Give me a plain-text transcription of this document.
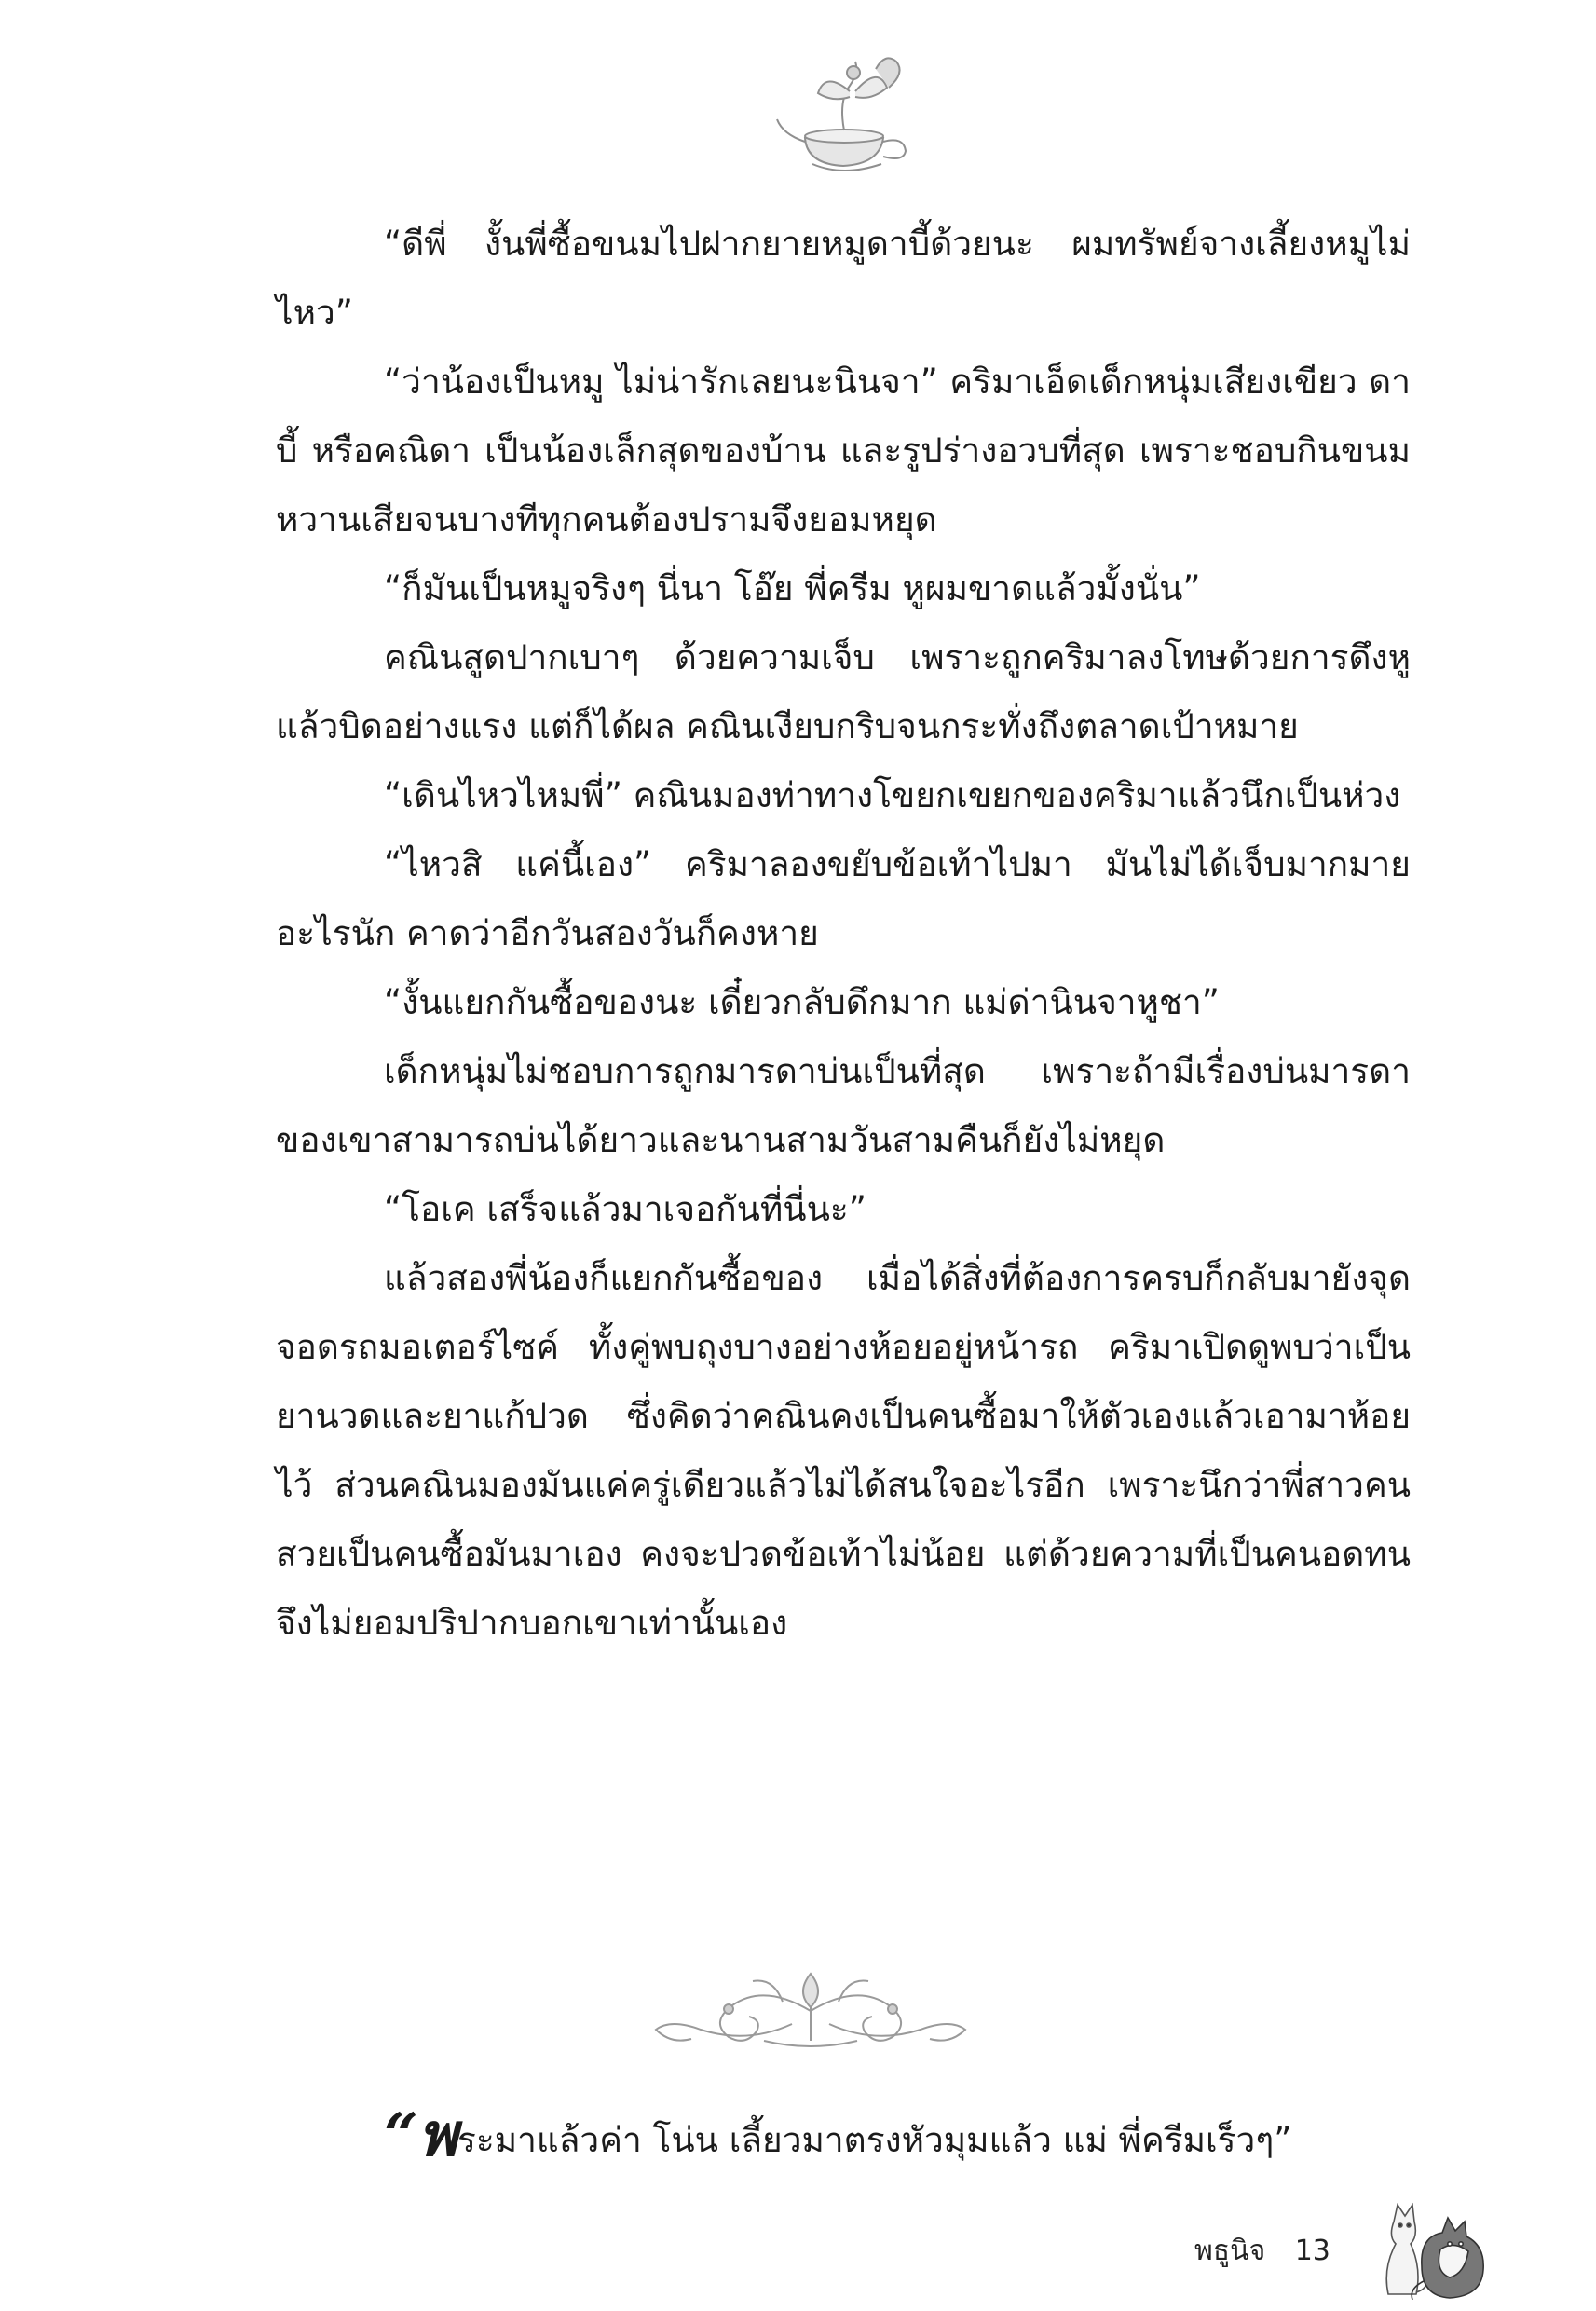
“ดีพี่ งั้นพี่ซื้อขนมไปฝากยายหมูดาบี้ด้วยนะ ผมทรัพย์จางเลี้ยงหมูไม่ไหว”

“ว่าน้องเป็นหมู ไม่น่ารักเลยนะนินจา” คริมาเอ็ดเด็กหนุ่มเสียงเขียว ดาบี้ หรือคณิดา เป็นน้องเล็กสุดของบ้าน และรูปร่างอวบที่สุด เพราะชอบกินขนมหวานเสียจนบางทีทุกคนต้องปรามจึงยอมหยุด

“ก็มันเป็นหมูจริงๆ นี่นา โอ๊ย พี่ครีม หูผมขาดแล้วมั้งนั่น”

คณินสูดปากเบาๆ ด้วยความเจ็บ เพราะถูกคริมาลงโทษด้วยการดึงหูแล้วบิดอย่างแรง แต่ก็ได้ผล คณินเงียบกริบจนกระทั่งถึงตลาดเป้าหมาย

“เดินไหวไหมพี่” คณินมองท่าทางโขยกเขยกของคริมาแล้วนึกเป็นห่วง

“ไหวสิ แค่นี้เอง” คริมาลองขยับข้อเท้าไปมา มันไม่ได้เจ็บมากมายอะไรนัก คาดว่าอีกวันสองวันก็คงหาย

“งั้นแยกกันซื้อของนะ เดี๋ยวกลับดึกมาก แม่ด่านินจาหูชา”

เด็กหนุ่มไม่ชอบการถูกมารดาบ่นเป็นที่สุด เพราะถ้ามีเรื่องบ่นมารดาของเขาสามารถบ่นได้ยาวและนานสามวันสามคืนก็ยังไม่หยุด

“โอเค เสร็จแล้วมาเจอกันที่นี่นะ”

แล้วสองพี่น้องก็แยกกันซื้อของ เมื่อได้สิ่งที่ต้องการครบก็กลับมายังจุดจอดรถมอเตอร์ไซค์ ทั้งคู่พบถุงบางอย่างห้อยอยู่หน้ารถ คริมาเปิดดูพบว่าเป็นยานวดและยาแก้ปวด ซึ่งคิดว่าคณินคงเป็นคนซื้อมาให้ตัวเองแล้วเอามาห้อยไว้ ส่วนคณินมองมันแค่ครู่เดียวแล้วไม่ได้สนใจอะไรอีก เพราะนึกว่าพี่สาวคนสวยเป็นคนซื้อมันมาเอง คงจะปวดข้อเท้าไม่น้อย แต่ด้วยความที่เป็นคนอดทนจึงไม่ยอมปริปากบอกเขาเท่านั้นเอง

“พระมาแล้วค่า โน่น เลี้ยวมาตรงหัวมุมแล้ว แม่ พี่ครีมเร็วๆ”
พธูนิจ 13
